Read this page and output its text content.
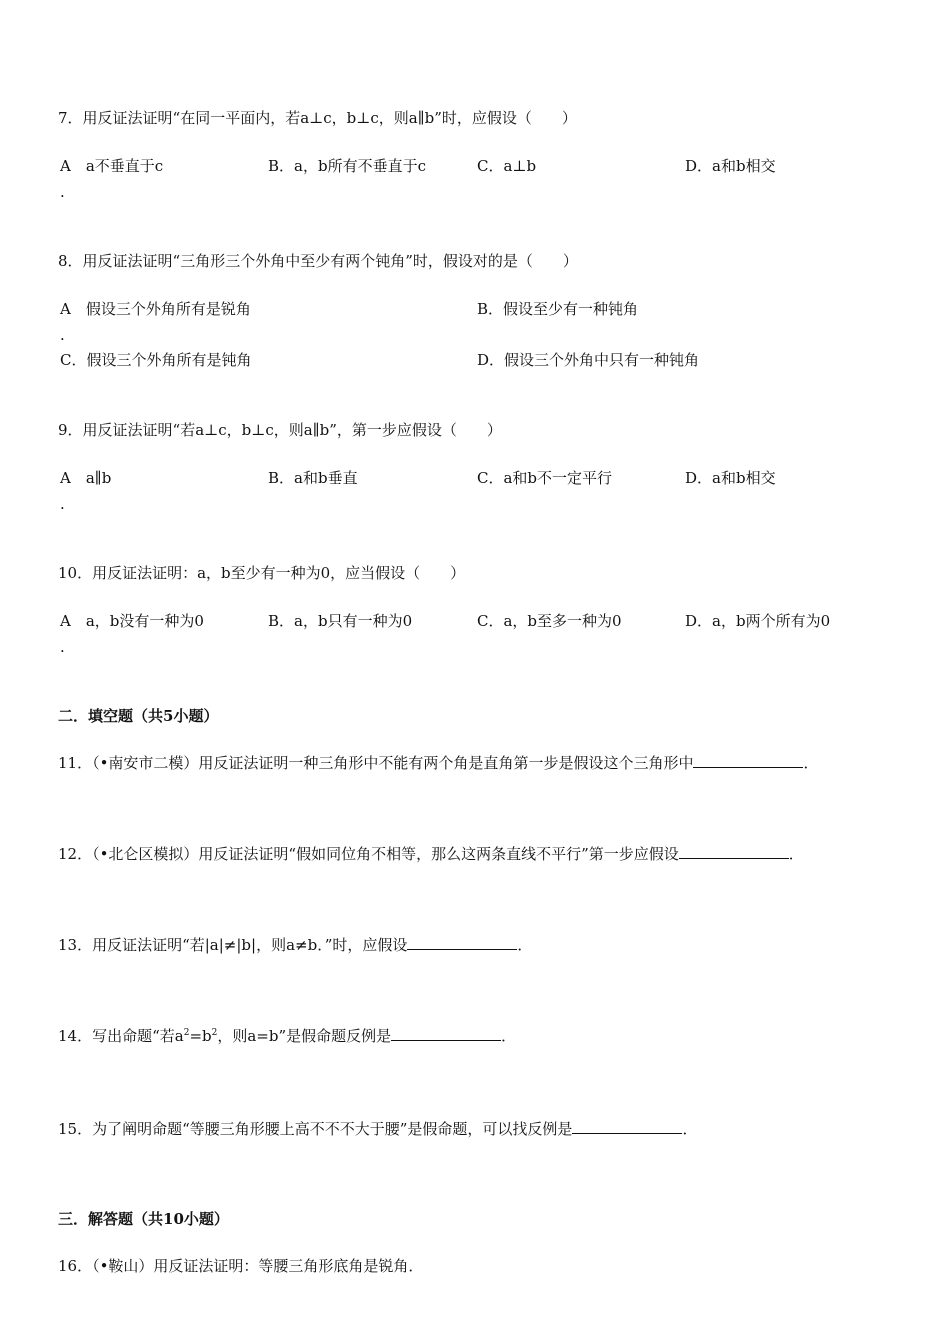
7．用反证法证明“在同一平面内，若a⊥c，b⊥c，则a∥b”时，应假设（　　）
A　a不垂直于c	B．a，b所有不垂直于c	C．a⊥b	D．a和b相交
.
8．用反证法证明“三角形三个外角中至少有两个钝角”时，假设对的是（　　）
A　假设三个外角所有是锐角	B．假设至少有一种钝角
.
C．假设三个外角所有是钝角	D．假设三个外角中只有一种钝角
9．用反证法证明“若a⊥c，b⊥c，则a∥b”，第一步应假设（　　）
A　a∥b	B．a和b垂直	C．a和b不一定平行	D．a和b相交
.
10．用反证法证明：a，b至少有一种为0，应当假设（　　）
A　a，b没有一种为0	B．a，b只有一种为0	C．a，b至多一种为0	D．a，b两个所有为0
.
二．填空题（共5小题）
11．（•南安市二模）用反证法证明一种三角形中不能有两个角是直角第一步是假设这个三角形中	．
12．（•北仑区模拟）用反证法证明“假如同位角不相等，那么这两条直线不平行”第一步应假设	．
13．用反证法证明“若|a|≠|b|，则a≠b．”时，应假设	．
14．写出命题“若$a^2=b^2$，则a=b”是假命题反例是	．
15．为了阐明命题“等腰三角形腰上高不不不大于腰”是假命题，可以找反例是	．
三．解答题（共10小题）
16．（•鞍山）用反证法证明：等腰三角形底角是锐角．
